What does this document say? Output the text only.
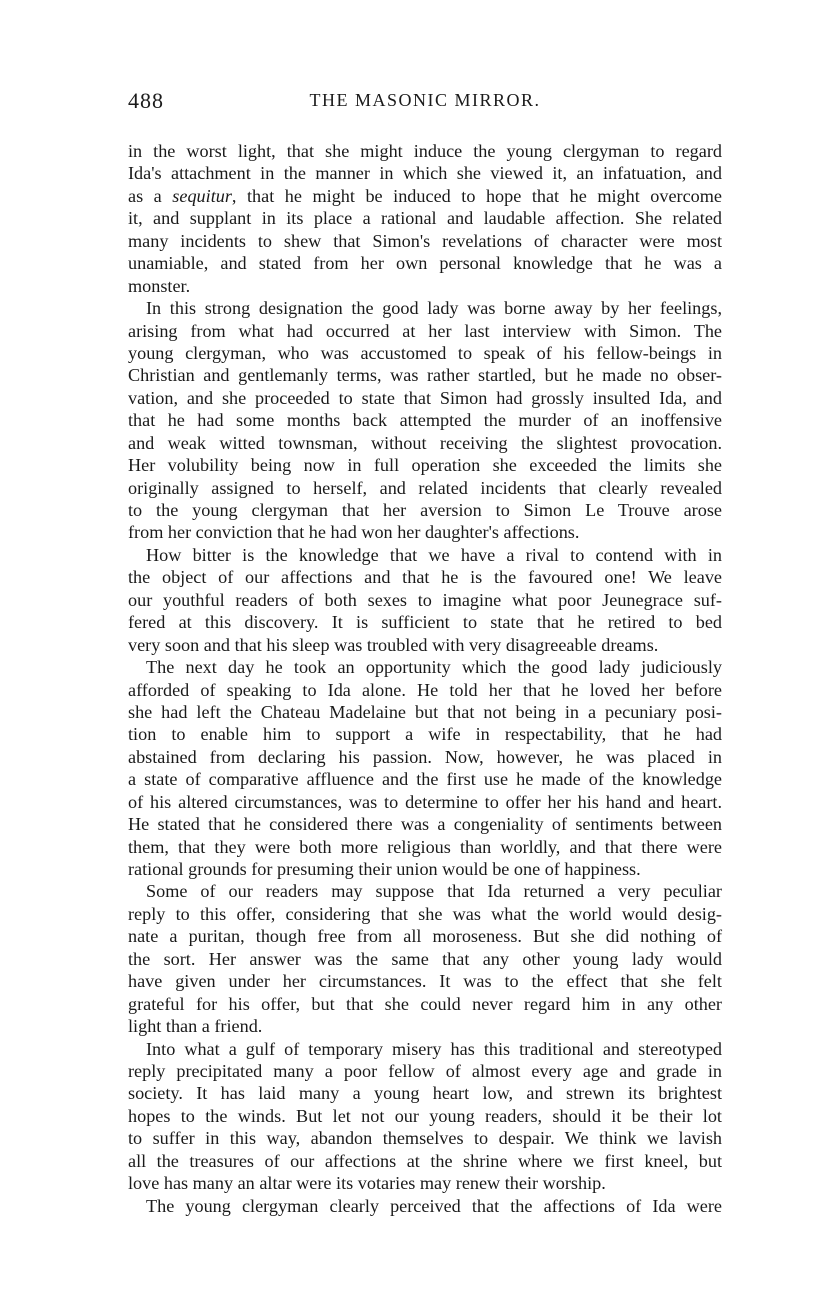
488	THE MASONIC MIRROR.
in the worst light, that she might induce the young clergyman to regard
Ida's attachment in the manner in which she viewed it, an infatuation, and
as a sequitur, that he might be induced to hope that he might overcome
it, and supplant in its place a rational and laudable affection. She related
many incidents to shew that Simon's revelations of character were most
unamiable, and stated from her own personal knowledge that he was a
monster.
In this strong designation the good lady was borne away by her feelings,
arising from what had occurred at her last interview with Simon. The
young clergyman, who was accustomed to speak of his fellow-beings in
Christian and gentlemanly terms, was rather startled, but he made no obser-
vation, and she proceeded to state that Simon had grossly insulted Ida, and
that he had some months back attempted the murder of an inoffensive
and weak witted townsman, without receiving the slightest provocation.
Her volubility being now in full operation she exceeded the limits she
originally assigned to herself, and related incidents that clearly revealed
to the young clergyman that her aversion to Simon Le Trouve arose
from her conviction that he had won her daughter's affections.
How bitter is the knowledge that we have a rival to contend with in
the object of our affections and that he is the favoured one! We leave
our youthful readers of both sexes to imagine what poor Jeunegrace suf-
fered at this discovery. It is sufficient to state that he retired to bed
very soon and that his sleep was troubled with very disagreeable dreams.
The next day he took an opportunity which the good lady judiciously
afforded of speaking to Ida alone. He told her that he loved her before
she had left the Chateau Madelaine but that not being in a pecuniary posi-
tion to enable him to support a wife in respectability, that he had
abstained from declaring his passion. Now, however, he was placed in
a state of comparative affluence and the first use he made of the knowledge
of his altered circumstances, was to determine to offer her his hand and heart.
He stated that he considered there was a congeniality of sentiments between
them, that they were both more religious than worldly, and that there were
rational grounds for presuming their union would be one of happiness.
Some of our readers may suppose that Ida returned a very peculiar
reply to this offer, considering that she was what the world would desig-
nate a puritan, though free from all moroseness. But she did nothing of
the sort. Her answer was the same that any other young lady would
have given under her circumstances. It was to the effect that she felt
grateful for his offer, but that she could never regard him in any other
light than a friend.
Into what a gulf of temporary misery has this traditional and stereotyped
reply precipitated many a poor fellow of almost every age and grade in
society. It has laid many a young heart low, and strewn its brightest
hopes to the winds. But let not our young readers, should it be their lot
to suffer in this way, abandon themselves to despair. We think we lavish
all the treasures of our affections at the shrine where we first kneel, but
love has many an altar were its votaries may renew their worship.
The young clergyman clearly perceived that the affections of Ida were
